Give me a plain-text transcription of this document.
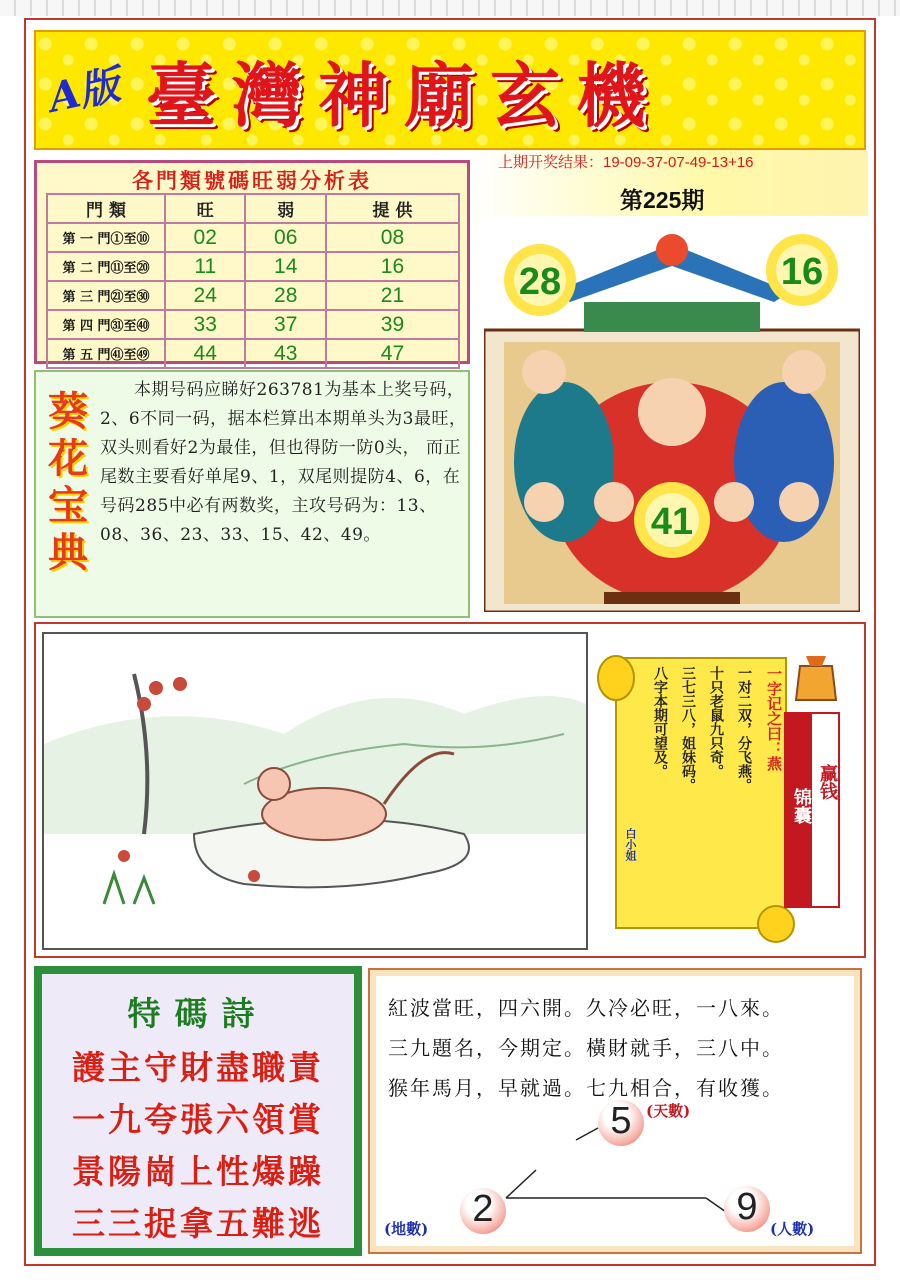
A版 臺灣神廟玄機
上期开奖结果：19-09-37-07-49-13+16
第225期
各門類號碼旺弱分析表
門 類	旺	弱	提 供
第 一 門①至⑩	02	06	08
第 二 門⑪至⑳	11	14	16
第 三 門㉑至㉚	24	28	21
第 四 門㉛至㊵	33	37	39
第 五 門㊶至㊾	44	43	47
葵花宝典
本期号码应睇好263781为基本上奖号码，2、6不同一码，据本栏算出本期单头为3最旺，双头则看好2为最佳，但也得防一防0头， 而正尾数主要看好单尾9、1，双尾则提防4、6，在号码285中必有两数奖，主攻号码为：13、08、36、23、33、15、42、49。
28	16
41
一字记之曰：燕
一对二双，分飞燕。
十只老鼠九只奇。
三七三八，姐妹码。
八字本期可望及。
白小姐
锦囊
赢钱
特碼詩
護主守財盡職責
一九夸張六領賞
景陽崗上性爆躁
三三捉拿五難逃
紅波當旺，四六開。久冷必旺，一八來。
三九題名，今期定。橫財就手，三八中。
猴年馬月，早就過。七九相合，有收獲。
5 (天數)
2
(地數)
9
(人數)
